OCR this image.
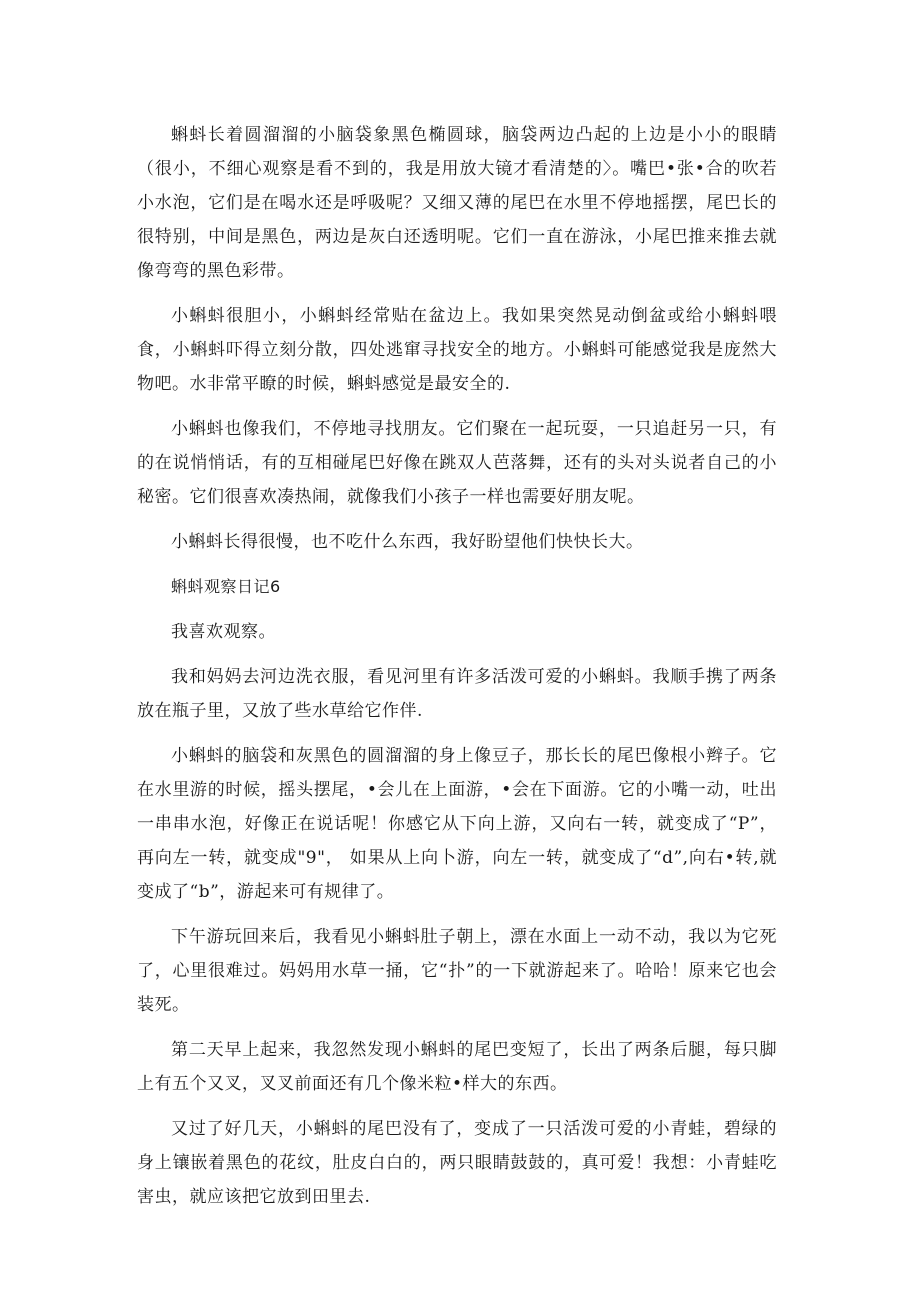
蝌蚪长着圆溜溜的小脑袋象黑色椭圆球，脑袋两边凸起的上边是小小的眼睛（很小，不细心观察是看不到的，我是用放大镜才看清楚的〉。嘴巴•张•合的吹若小水泡，它们是在喝水还是呼吸呢？又细又薄的尾巴在水里不停地摇摆，尾巴长的很特别，中间是黑色，两边是灰白还透明呢。它们一直在游泳，小尾巴推来推去就像弯弯的黑色彩带。

小蝌蚪很胆小，小蝌蚪经常贴在盆边上。我如果突然晃动倒盆或给小蝌蚪喂食，小蝌蚪吓得立刻分散，四处逃窜寻找安全的地方。小蝌蚪可能感觉我是庞然大物吧。水非常平瞭的时候，蝌蚪感觉是最安全的.

小蝌蚪也像我们，不停地寻找朋友。它们聚在一起玩耍，一只追赶另一只，有的在说悄悄话，有的互相碰尾巴好像在跳双人芭落舞，还有的头对头说者自己的小秘密。它们很喜欢凑热闹，就像我们小孩子一样也需要好朋友呢。

小蝌蚪长得很慢，也不吃什么东西，我好盼望他们快快长大。

蝌蚪观察日记6

我喜欢观察。

我和妈妈去河边洗衣服，看见河里有许多活泼可爱的小蝌蚪。我顺手携了两条放在瓶子里，又放了些水草给它作伴.

小蝌蚪的脑袋和灰黑色的圆溜溜的身上像豆子，那长长的尾巴像根小辫子。它在水里游的时候，摇头摆尾，•会儿在上面游，•会在下面游。它的小嘴一动，吐出一串串水泡，好像正在说话呢！你感它从下向上游，又向右一转，就变成了“P”，再向左一转，就变成"9"， 如果从上向卜游，向左一转，就变成了“d”,向右•转,就变成了“b”，游起来可有规律了。

下午游玩回来后，我看见小蝌蚪肚子朝上，漂在水面上一动不动，我以为它死了，心里很难过。妈妈用水草一捅，它“扑”的一下就游起来了。哈哈！原来它也会装死。

第二天早上起来，我忽然发现小蝌蚪的尾巴变短了，长出了两条后腿，每只脚上有五个又叉，叉叉前面还有几个像米粒•样大的东西。

又过了好几天，小蝌蚪的尾巴没有了，变成了一只活泼可爱的小青蛙，碧绿的身上镶嵌着黑色的花纹，肚皮白白的，两只眼睛鼓鼓的，真可爱！我想：小青蛙吃害虫，就应该把它放到田里去.
